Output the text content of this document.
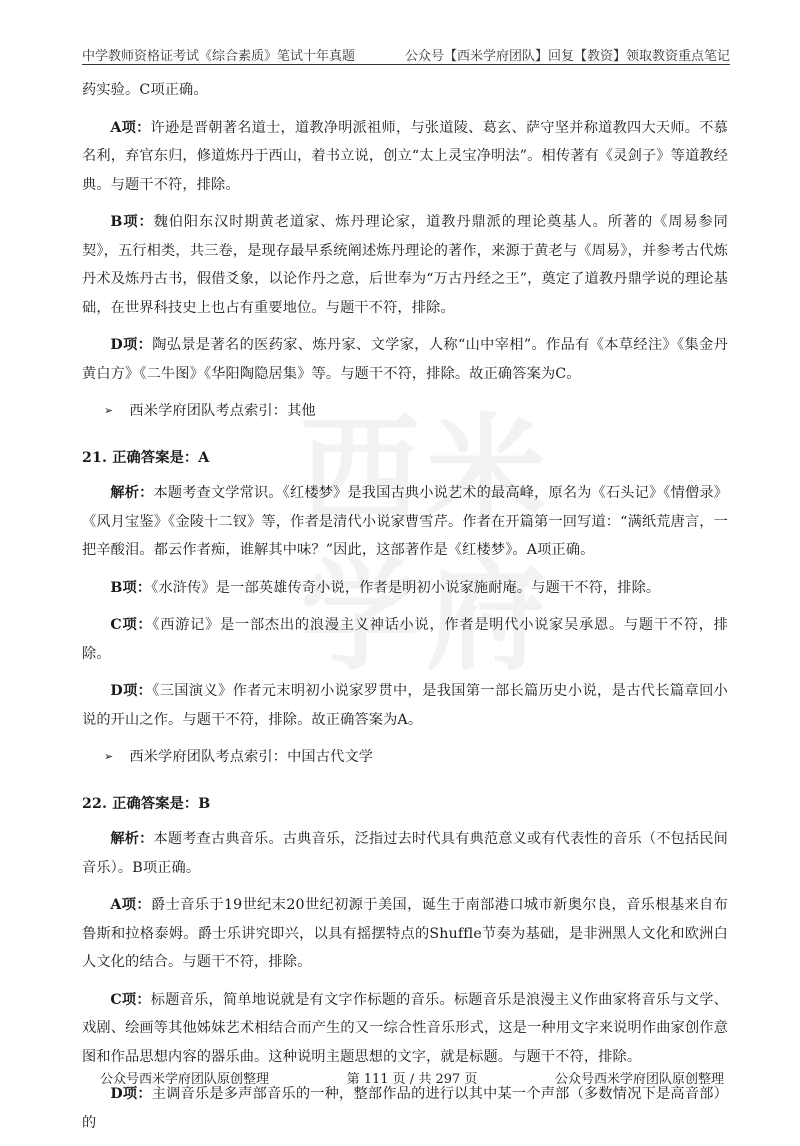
中学教师资格证考试《综合素质》笔试十年真题	公众号【西米学府团队】回复【教资】领取教资重点笔记
西 米
学 府

药实验。C项正确。

A项：许逊是晋朝著名道士，道教净明派祖师，与张道陵、葛玄、萨守坚并称道教四大天师。不慕名利，弃官东归，修道炼丹于西山，着书立说，创立“太上灵宝净明法”。相传著有《灵剑子》等道教经典。与题干不符，排除。

B项：魏伯阳东汉时期黄老道家、炼丹理论家，道教丹鼎派的理论奠基人。所著的《周易参同契》，五行相类，共三卷，是现存最早系统阐述炼丹理论的著作，来源于黄老与《周易》，并参考古代炼丹术及炼丹古书，假借爻象，以论作丹之意，后世奉为“万古丹经之王”，奠定了道教丹鼎学说的理论基础，在世界科技史上也占有重要地位。与题干不符，排除。

D项：陶弘景是著名的医药家、炼丹家、文学家，人称“山中宰相”。作品有《本草经注》《集金丹黄白方》《二牛图》《华阳陶隐居集》等。与题干不符，排除。故正确答案为C。

➢ 西米学府团队考点索引：其他
21. 正确答案是：A

解析：本题考查文学常识。《红楼梦》是我国古典小说艺术的最高峰，原名为《石头记》《情僧录》《风月宝鉴》《金陵十二钗》等，作者是清代小说家曹雪芹。作者在开篇第一回写道：“满纸荒唐言，一把辛酸泪。都云作者痴，谁解其中味？”因此，这部著作是《红楼梦》。A项正确。

B项：《水浒传》是一部英雄传奇小说，作者是明初小说家施耐庵。与题干不符，排除。

C项：《西游记》是一部杰出的浪漫主义神话小说，作者是明代小说家吴承恩。与题干不符，排除。

D项：《三国演义》作者元末明初小说家罗贯中，是我国第一部长篇历史小说，是古代长篇章回小说的开山之作。与题干不符，排除。故正确答案为A。

➢ 西米学府团队考点索引：中国古代文学
22. 正确答案是：B

解析：本题考查古典音乐。古典音乐，泛指过去时代具有典范意义或有代表性的音乐（不包括民间音乐）。B项正确。

A项：爵士音乐于19世纪末20世纪初源于美国，诞生于南部港口城市新奥尔良，音乐根基来自布鲁斯和拉格泰姆。爵士乐讲究即兴，以具有摇摆特点的Shuffle节奏为基础，是非洲黑人文化和欧洲白人文化的结合。与题干不符，排除。

C项：标题音乐，简单地说就是有文字作标题的音乐。标题音乐是浪漫主义作曲家将音乐与文学、戏剧、绘画等其他姊妹艺术相结合而产生的又一综合性音乐形式，这是一种用文字来说明作曲家创作意图和作品思想内容的器乐曲。这种说明主题思想的文字，就是标题。与题干不符，排除。

D项：主调音乐是多声部音乐的一种，整部作品的进行以其中某一个声部（多数情况下是高音部）的

公众号西米学府团队原创整理	第 111 页 / 共 297 页	公众号西米学府团队原创整理
